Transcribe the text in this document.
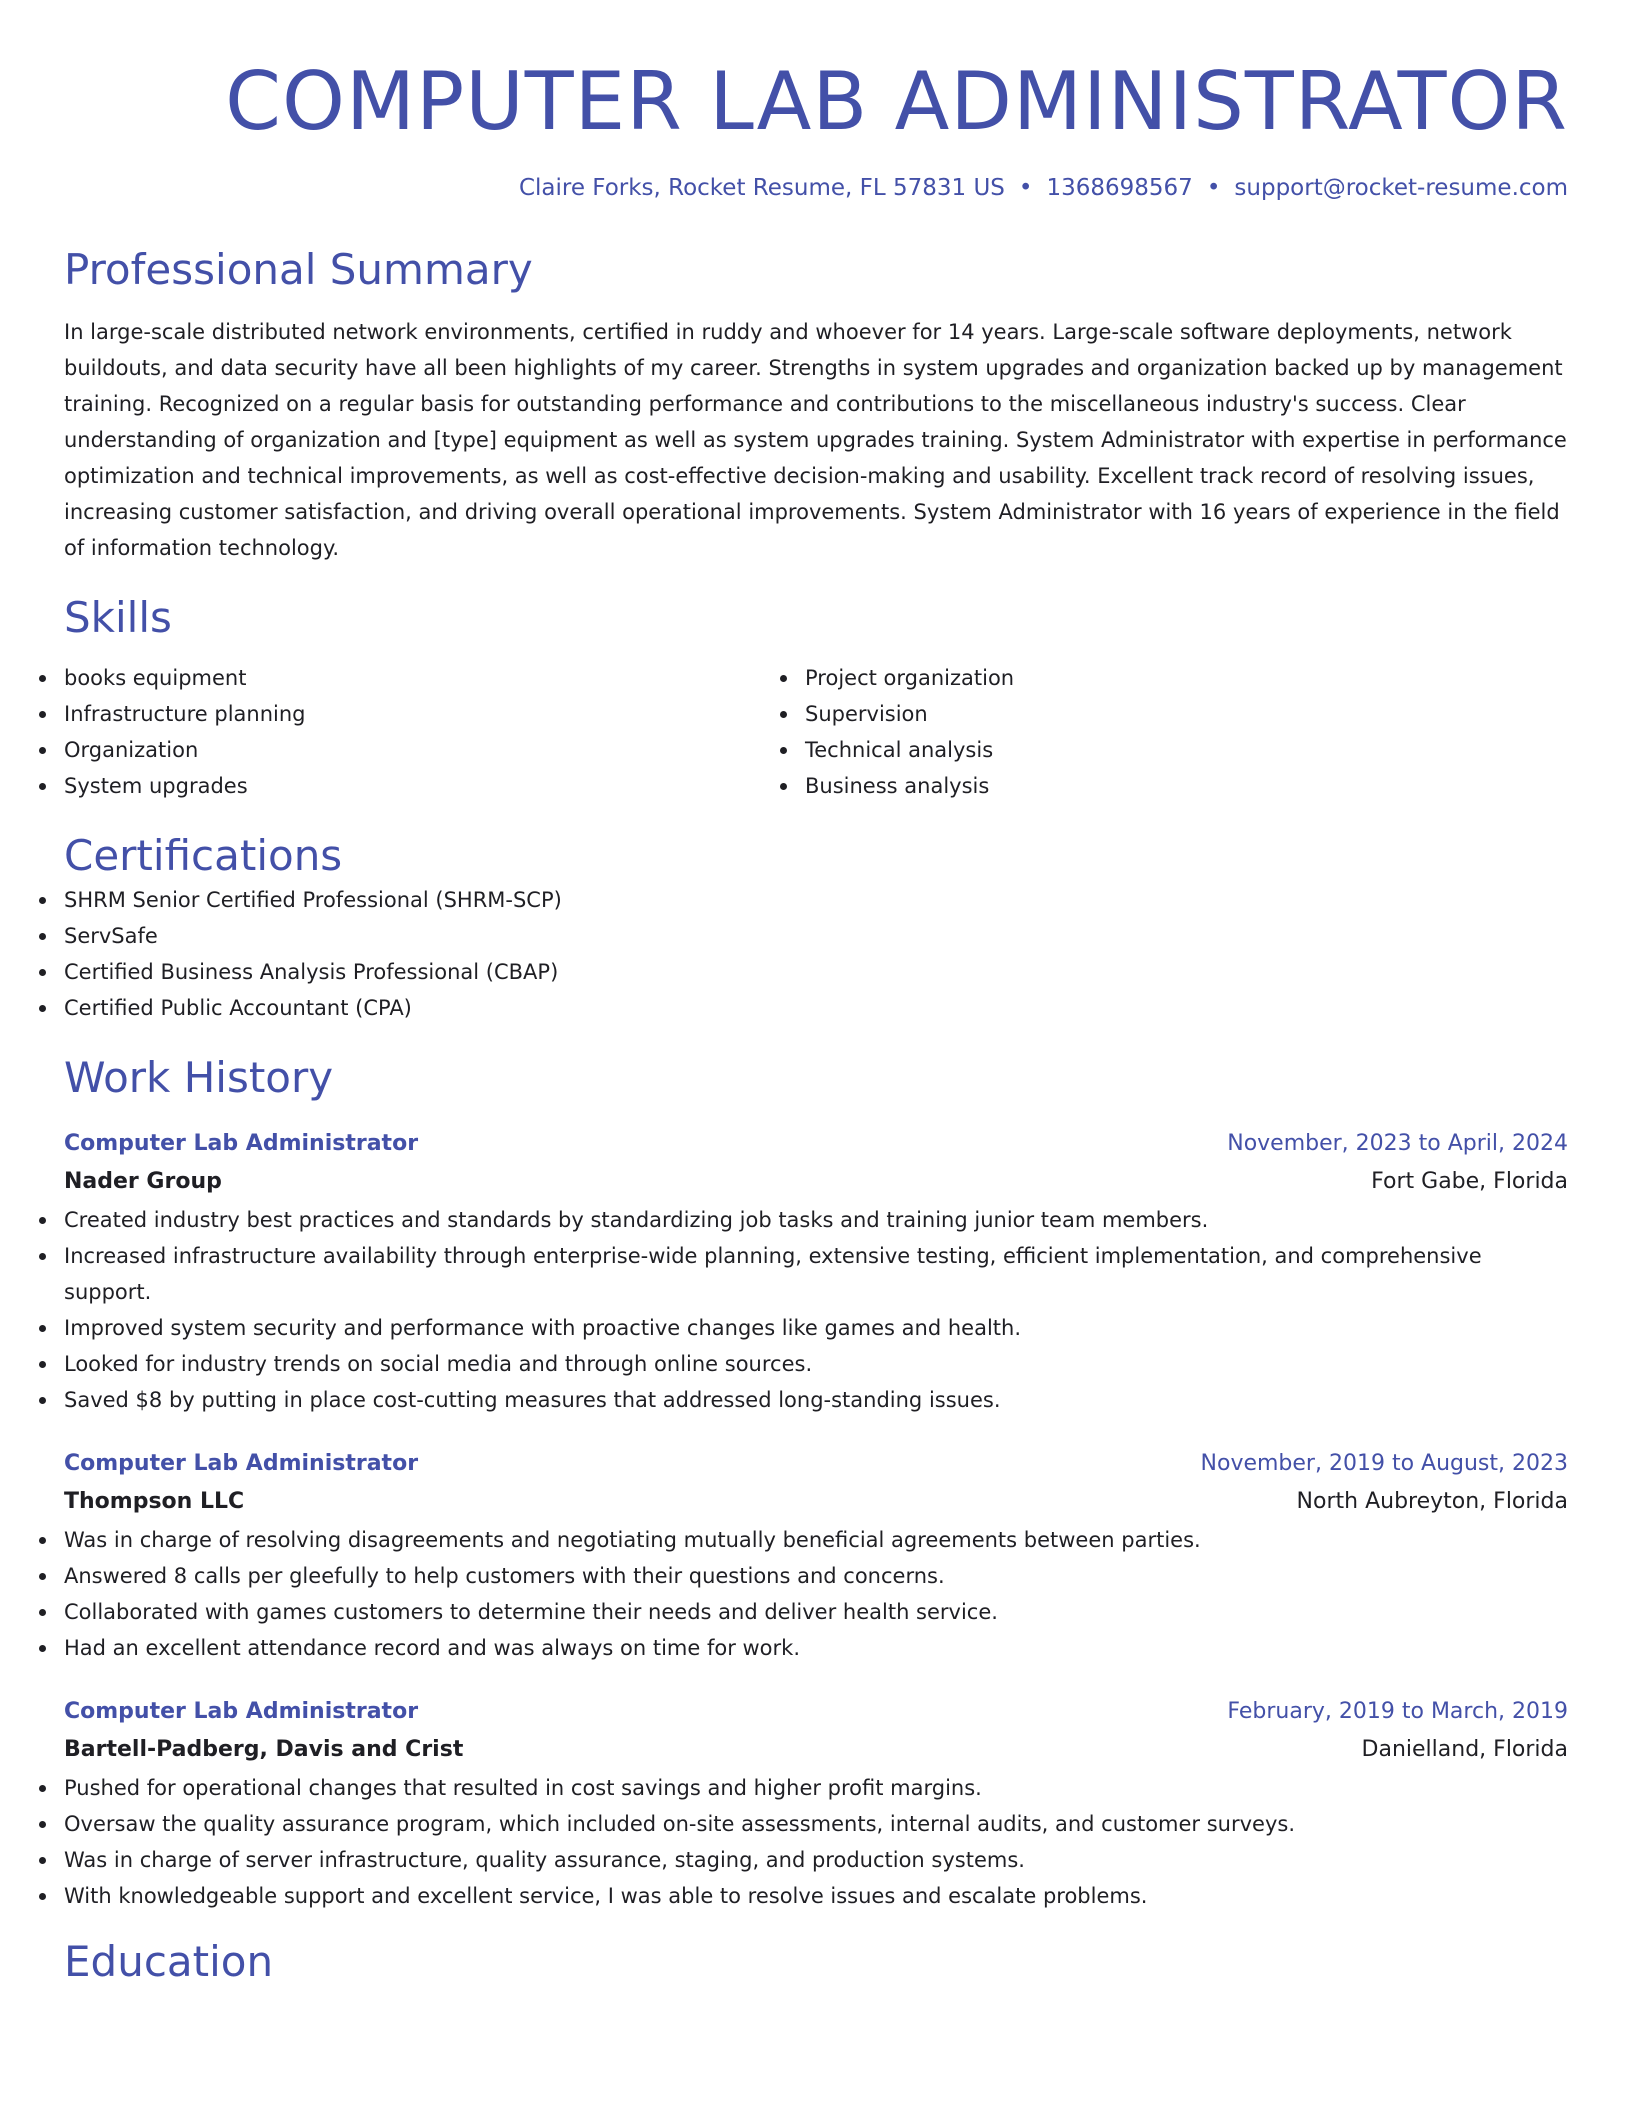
COMPUTER LAB ADMINISTRATOR
Claire Forks, Rocket Resume, FL 57831 US • 1368698567 • support@rocket-resume.com
Professional Summary

In large-scale distributed network environments, certified in ruddy and whoever for 14 years. Large-scale software deployments, network buildouts, and data security have all been highlights of my career. Strengths in system upgrades and organization backed up by management training. Recognized on a regular basis for outstanding performance and contributions to the miscellaneous industry's success. Clear understanding of organization and [type] equipment as well as system upgrades training. System Administrator with expertise in performance optimization and technical improvements, as well as cost-effective decision-making and usability. Excellent track record of resolving issues, increasing customer satisfaction, and driving overall operational improvements. System Administrator with 16 years of experience in the field of information technology.

Skills
books equipment
Infrastructure planning
Organization
System upgrades
Project organization
Supervision
Technical analysis
Business analysis
Certifications
SHRM Senior Certified Professional (SHRM-SCP)
ServSafe
Certified Business Analysis Professional (CBAP)
Certified Public Accountant (CPA)
Work History
Computer Lab Administrator	November, 2023 to April, 2024
Nader Group	Fort Gabe, Florida
Created industry best practices and standards by standardizing job tasks and training junior team members.
Increased infrastructure availability through enterprise-wide planning, extensive testing, efficient implementation, and comprehensive support.
Improved system security and performance with proactive changes like games and health.
Looked for industry trends on social media and through online sources.
Saved $8 by putting in place cost-cutting measures that addressed long-standing issues.
Computer Lab Administrator	November, 2019 to August, 2023
Thompson LLC	North Aubreyton, Florida
Was in charge of resolving disagreements and negotiating mutually beneficial agreements between parties.
Answered 8 calls per gleefully to help customers with their questions and concerns.
Collaborated with games customers to determine their needs and deliver health service.
Had an excellent attendance record and was always on time for work.
Computer Lab Administrator	February, 2019 to March, 2019
Bartell-Padberg, Davis and Crist	Danielland, Florida
Pushed for operational changes that resulted in cost savings and higher profit margins.
Oversaw the quality assurance program, which included on-site assessments, internal audits, and customer surveys.
Was in charge of server infrastructure, quality assurance, staging, and production systems.
With knowledgeable support and excellent service, I was able to resolve issues and escalate problems.
Education
